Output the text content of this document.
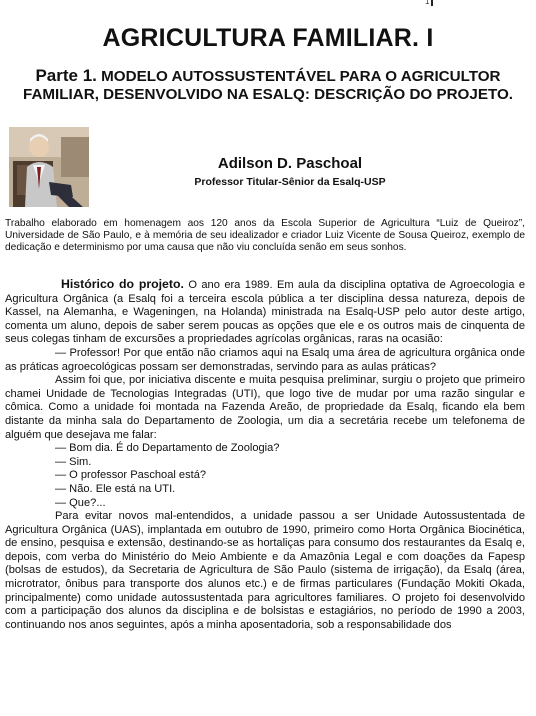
1
AGRICULTURA FAMILIAR. I
Parte 1. MODELO AUTOSSUSTENTÁVEL PARA O AGRICULTOR FAMILIAR, DESENVOLVIDO NA ESALQ: DESCRIÇÃO DO PROJETO.
Adilson D. Paschoal
Professor Titular-Sênior da Esalq-USP
Trabalho elaborado em homenagem aos 120 anos da Escola Superior de Agricultura “Luiz de Queiroz”, Universidade de São Paulo, e à memória de seu idealizador e criador Luiz Vicente de Sousa Queiroz, exemplo de dedicação e determinismo por uma causa que não viu concluída senão em seus sonhos.

Histórico do projeto. O ano era 1989. Em aula da disciplina optativa de Agroecologia e Agricultura Orgânica (a Esalq foi a terceira escola pública a ter disciplina dessa natureza, depois de Kassel, na Alemanha, e Wageningen, na Holanda) ministrada na Esalq-USP pelo autor deste artigo, comenta um aluno, depois de saber serem poucas as opções que ele e os outros mais de cinquenta de seus colegas tinham de excursões a propriedades agrícolas orgânicas, raras na ocasião:

— Professor! Por que então não criamos aqui na Esalq uma área de agricultura orgânica onde as práticas agroecológicas possam ser demonstradas, servindo para as aulas práticas?

Assim foi que, por iniciativa discente e muita pesquisa preliminar, surgiu o projeto que primeiro chamei Unidade de Tecnologias Integradas (UTI), que logo tive de mudar por uma razão singular e cômica. Como a unidade foi montada na Fazenda Areão, de propriedade da Esalq, ficando ela bem distante da minha sala do Departamento de Zoologia, um dia a secretária recebe um telefonema de alguém que desejava me falar:

— Bom dia. É do Departamento de Zoologia?

— Sim.

— O professor Paschoal está?

— Não. Ele está na UTI.

— Que?...

Para evitar novos mal-entendidos, a unidade passou a ser Unidade Autossustentada de Agricultura Orgânica (UAS), implantada em outubro de 1990, primeiro como Horta Orgânica Biocinética, de ensino, pesquisa e extensão, destinando-se as hortaliças para consumo dos restaurantes da Esalq e, depois, com verba do Ministério do Meio Ambiente e da Amazônia Legal e com doações da Fapesp (bolsas de estudos), da Secretaria de Agricultura de São Paulo (sistema de irrigação), da Esalq (área, microtrator, ônibus para transporte dos alunos etc.) e de firmas particulares (Fundação Mokiti Okada, principalmente) como unidade autossustentada para agricultores familiares. O projeto foi desenvolvido com a participação dos alunos da disciplina e de bolsistas e estagiários, no período de 1990 a 2003, continuando nos anos seguintes, após a minha aposentadoria, sob a responsabilidade dos
